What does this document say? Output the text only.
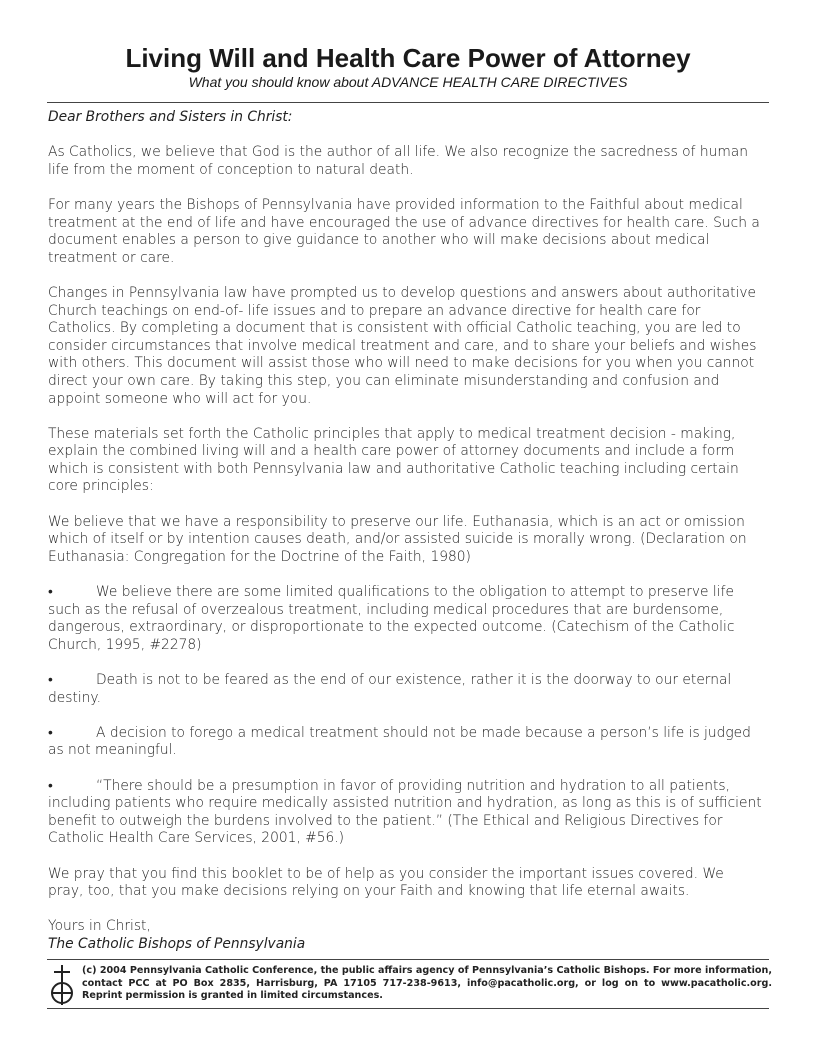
Living Will and Health Care Power of Attorney
What you should know about ADVANCE HEALTH CARE DIRECTIVES

Dear Brothers and Sisters in Christ:

As Catholics, we believe that God is the author of all life. We also recognize the sacredness of human life from the moment of conception to natural death.

For many years the Bishops of Pennsylvania have provided information to the Faithful about medical treatment at the end of life and have encouraged the use of advance directives for health care. Such a document enables a person to give guidance to another who will make decisions about medical treatment or care.

Changes in Pennsylvania law have prompted us to develop questions and answers about authoritative Church teachings on end-of- life issues and to prepare an advance directive for health care for Catholics. By completing a document that is consistent with official Catholic teaching, you are led to consider circumstances that involve medical treatment and care, and to share your beliefs and wishes with others. This document will assist those who will need to make decisions for you when you cannot direct your own care. By taking this step, you can eliminate misunderstanding and confusion and appoint someone who will act for you.

These materials set forth the Catholic principles that apply to medical treatment decision - making, explain the combined living will and a health care power of attorney documents and include a form which is consistent with both Pennsylvania law and authoritative Catholic teaching including certain core principles:

We believe that we have a responsibility to preserve our life. Euthanasia, which is an act or omission which of itself or by intention causes death, and/or assisted suicide is morally wrong. (Declaration on Euthanasia: Congregation for the Doctrine of the Faith, 1980)

•	We believe there are some limited qualifications to the obligation to attempt to preserve life such as the refusal of overzealous treatment, including medical procedures that are burdensome, dangerous, extraordinary, or disproportionate to the expected outcome. (Catechism of the Catholic Church, 1995, #2278)

•	Death is not to be feared as the end of our existence, rather it is the doorway to our eternal destiny.

•	A decision to forego a medical treatment should not be made because a person’s life is judged as not meaningful.

•	“There should be a presumption in favor of providing nutrition and hydration to all patients, including patients who require medically assisted nutrition and hydration, as long as this is of sufficient benefit to outweigh the burdens involved to the patient.” (The Ethical and Religious Directives for Catholic Health Care Services, 2001, #56.)

We pray that you find this booklet to be of help as you consider the important issues covered. We pray, too, that you make decisions relying on your Faith and knowing that life eternal awaits.

Yours in Christ,

The Catholic Bishops of Pennsylvania

(c) 2004 Pennsylvania Catholic Conference, the public affairs agency of Pennsylvania’s Catholic Bishops. For more information, contact PCC at PO Box 2835, Harrisburg, PA 17105 717-238-9613, info@pacatholic.org, or log on to www.pacatholic.org. Reprint permission is granted in limited circumstances.
